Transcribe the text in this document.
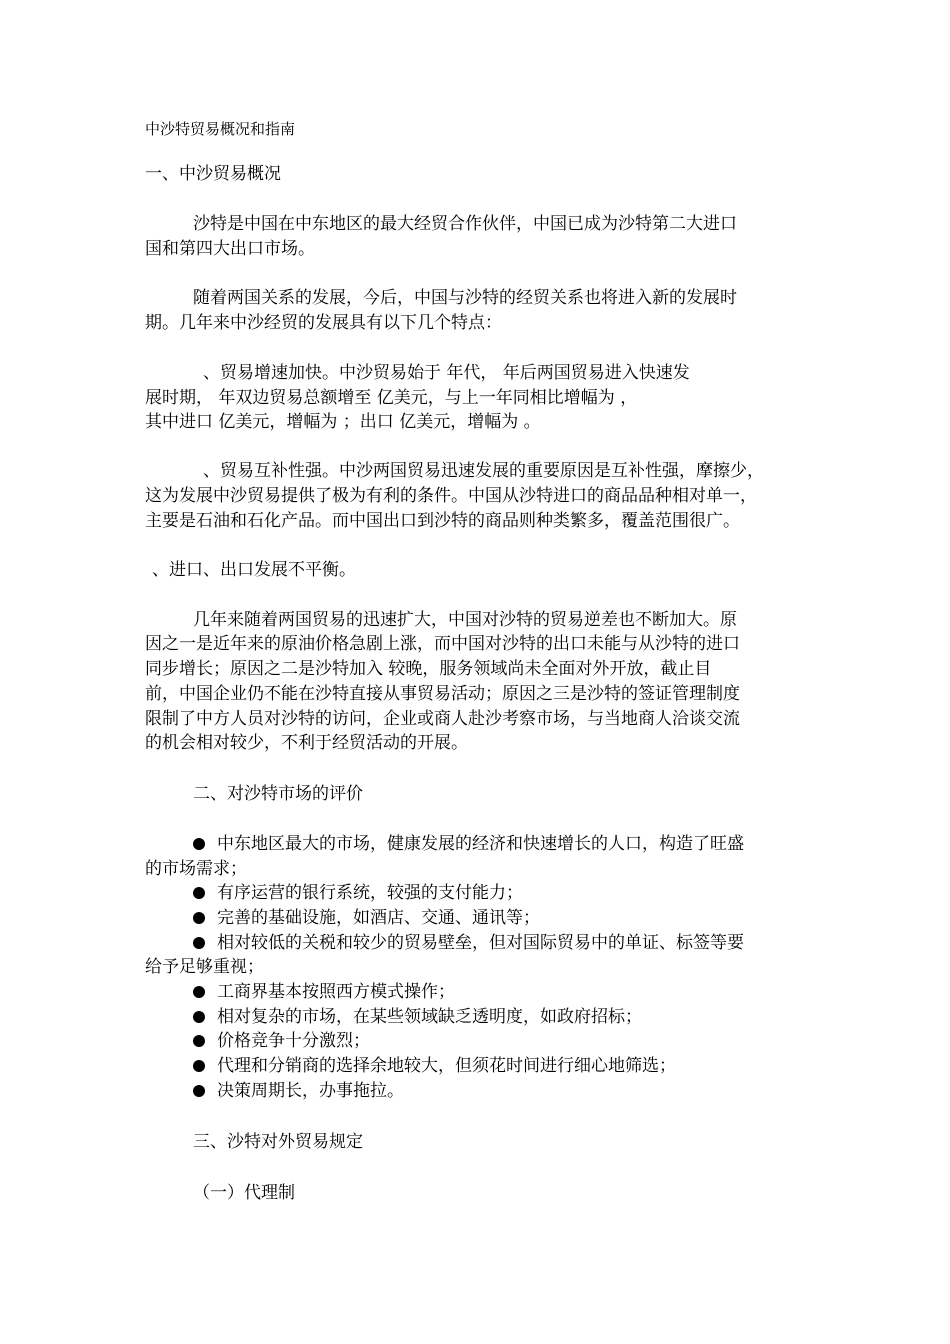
中沙特贸易概况和指南
一、中沙贸易概况
沙特是中国在中东地区的最大经贸合作伙伴，中国已成为沙特第二大进口
国和第四大出口市场。
随着两国关系的发展，今后，中国与沙特的经贸关系也将进入新的发展时
期。几年来中沙经贸的发展具有以下几个特点：
、贸易增速加快。中沙贸易始于 年代， 年后两国贸易进入快速发
展时期， 年双边贸易总额增至 亿美元，与上一年同相比增幅为 ，
其中进口 亿美元，增幅为 ；出口 亿美元，增幅为 。
、贸易互补性强。中沙两国贸易迅速发展的重要原因是互补性强，摩擦少，
这为发展中沙贸易提供了极为有利的条件。中国从沙特进口的商品品种相对单一，
主要是石油和石化产品。而中国出口到沙特的商品则种类繁多，覆盖范围很广。
、进口、出口发展不平衡。
几年来随着两国贸易的迅速扩大，中国对沙特的贸易逆差也不断加大。原
因之一是近年来的原油价格急剧上涨，而中国对沙特的出口未能与从沙特的进口
同步增长；原因之二是沙特加入 较晚，服务领域尚未全面对外开放，截止目
前，中国企业仍不能在沙特直接从事贸易活动；原因之三是沙特的签证管理制度
限制了中方人员对沙特的访问，企业或商人赴沙考察市场，与当地商人洽谈交流
的机会相对较少，不利于经贸活动的开展。
二、对沙特市场的评价
中东地区最大的市场，健康发展的经济和快速增长的人口，构造了旺盛
的市场需求；
有序运营的银行系统，较强的支付能力；
完善的基础设施，如酒店、交通、通讯等；
相对较低的关税和较少的贸易壁垒，但对国际贸易中的单证、标签等要
给予足够重视；
工商界基本按照西方模式操作；
相对复杂的市场，在某些领域缺乏透明度，如政府招标；
价格竞争十分激烈；
代理和分销商的选择余地较大，但须花时间进行细心地筛选；
决策周期长，办事拖拉。
三、沙特对外贸易规定
（一）代理制
